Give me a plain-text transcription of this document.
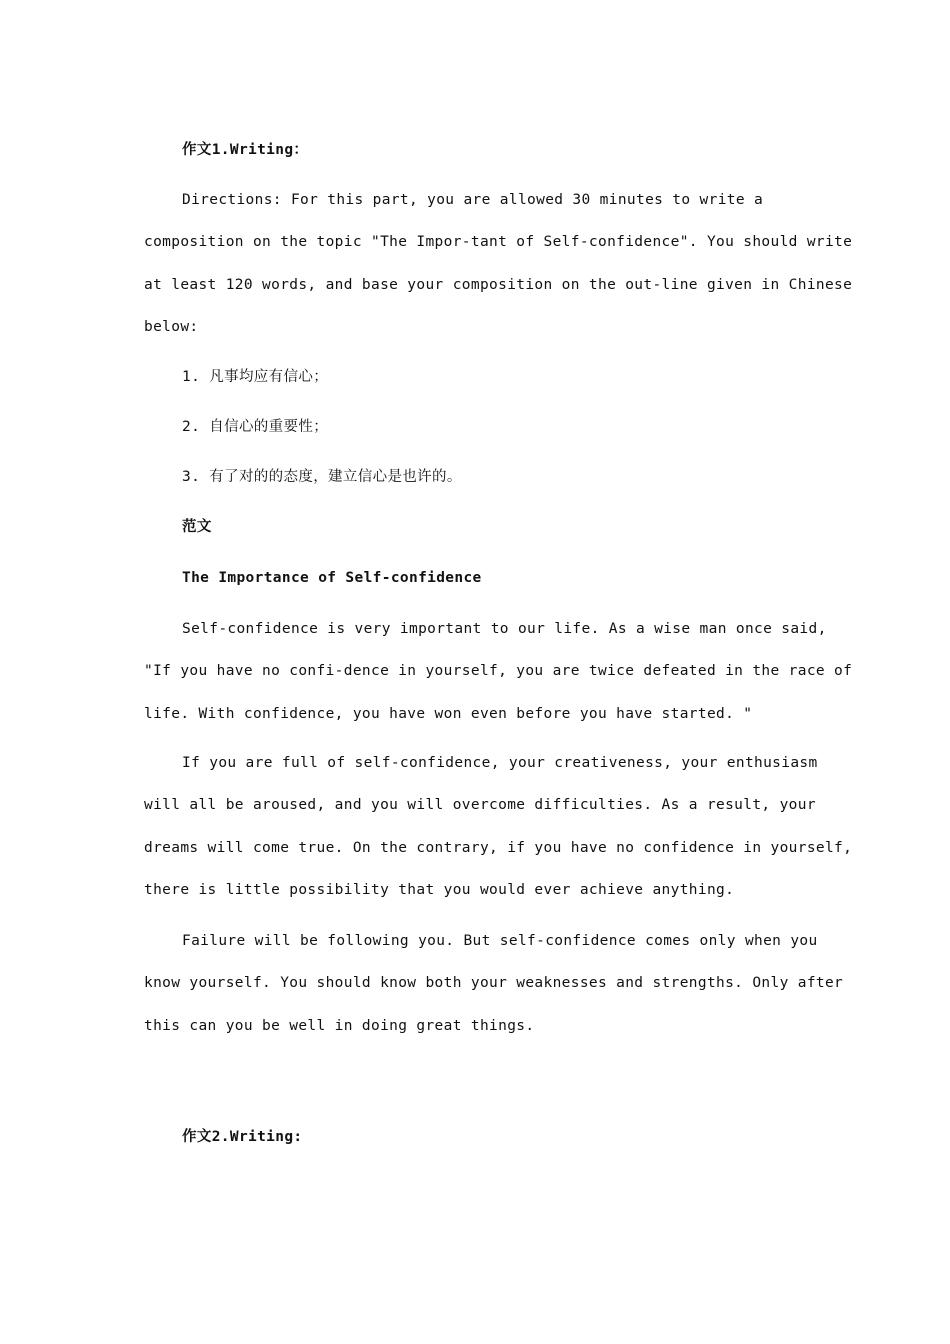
作文1.Writing：
Directions: For this part, you are allowed 30 minutes to write a
composition on the topic "The Impor-tant of Self-confidence". You should write
at least 120 words, and base your composition on the out-line given in Chinese
below:
1. 凡事均应有信心；
2. 自信心的重要性；
3. 有了对的的态度，建立信心是也许的。
范文
The Importance of Self-confidence
Self-confidence is very important to our life. As a wise man once said,
"If you have no confi-dence in yourself, you are twice defeated in the race of
life. With confidence, you have won even before you have started. "
If you are full of self-confidence, your creativeness, your enthusiasm
will all be aroused, and you will overcome difficulties. As a result, your
dreams will come true. On the contrary, if you have no confidence in yourself,
there is little possibility that you would ever achieve anything.
Failure will be following you. But self-confidence comes only when you
know yourself. You should know both your weaknesses and strengths. Only after
this can you be well in doing great things.
作文2.Writing:
